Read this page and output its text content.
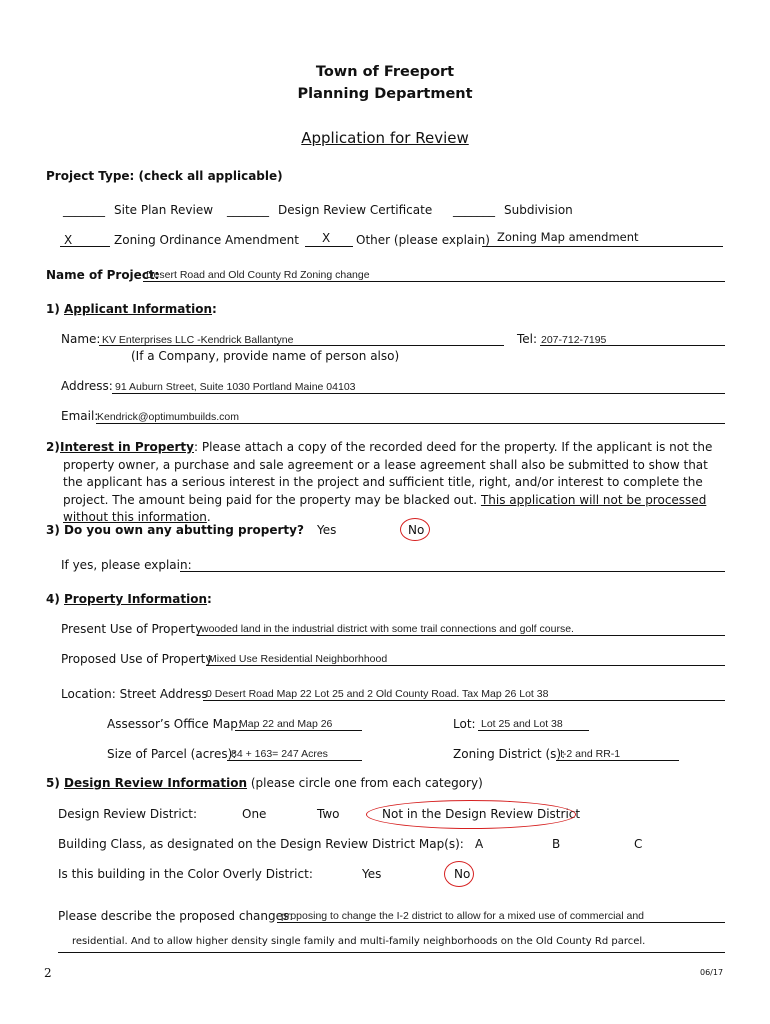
Town of Freeport
Planning Department
Application for Review
Project Type: (check all applicable)
_______ Site Plan Review _______ Design Review Certificate _______ Subdivision
X	Zoning Ordinance Amendment X Other (please explain) Zoning Map amendment
Name of Project:
Desert Road and Old County Rd Zoning change
1) Applicant Information:
Name: KV Enterprises LLC -Kendrick Ballantyne	Tel: 207-712-7195
(If a Company, provide name of person also)
Address: 91 Auburn Street, Suite 1030 Portland Maine 04103
Email:
Kendrick@optimumbuilds.com
2) Interest in Property: Please attach a copy of the recorded deed for the property. If the applicant is not the property owner, a purchase and sale agreement or a lease agreement shall also be submitted to show that the applicant has a serious interest in the project and sufficient title, right, and/or interest to complete the project. The amount being paid for the property may be blacked out. This application will not be processed without this information.
3) Do you own any abutting property? Yes	No
If yes, please explain:
4) Property Information:
Present Use of Property
wooded land in the industrial district with some trail connections and golf course.
Proposed Use of Property
Mixed Use Residential Neighborhhood
Location: Street Address
0 Desert Road Map 22 Lot 25 and 2 Old County Road. Tax Map 26 Lot 38
Assessor’s Office Map:
Map 22 and Map 26	Lot: Lot 25 and Lot 38
Size of Parcel (acres):
84 + 163= 247 Acres	Zoning District (s):
I-2 and RR-1
5) Design Review Information (please circle one from each category)
Design Review District:	One	Two	Not in the Design Review District
Building Class, as designated on the Design Review District Map(s): A	B	C
Is this building in the Color Overly District:	Yes	No
Please describe the proposed changes:
proposing to change the I-2 district to allow for a mixed use of commercial and
residential. And to allow higher density single family and multi-family neighborhoods on the Old County Rd parcel.
2	06/17
